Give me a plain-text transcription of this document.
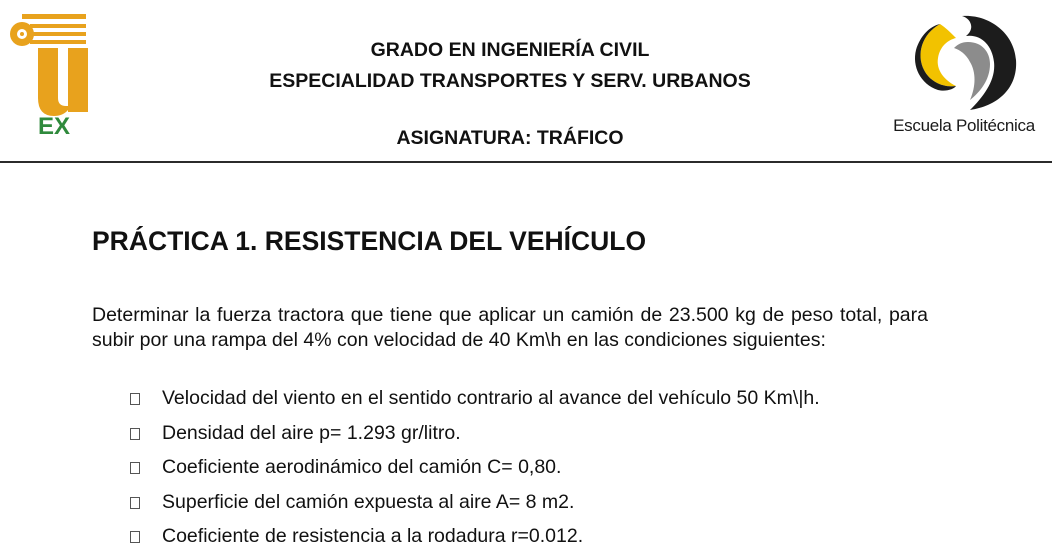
EX
GRADO EN INGENIERÍA CIVIL
ESPECIALIDAD TRANSPORTES Y SERV. URBANOS
ASIGNATURA: TRÁFICO
Escuela Politécnica
PRÁCTICA 1. RESISTENCIA DEL VEHÍCULO

Determinar la fuerza tractora que tiene que aplicar un camión de 23.500 kg de peso total, para subir por una rampa del 4% con velocidad de 40 Km\h en las condiciones siguientes:

Velocidad del viento en el sentido contrario al avance del vehículo 50 Km\|h.
Densidad del aire p= 1.293 gr/litro.
Coeficiente aerodinámico del camión C= 0,80.
Superficie del camión expuesta al aire A= 8 m2.
Coeficiente de resistencia a la rodadura r=0.012.
